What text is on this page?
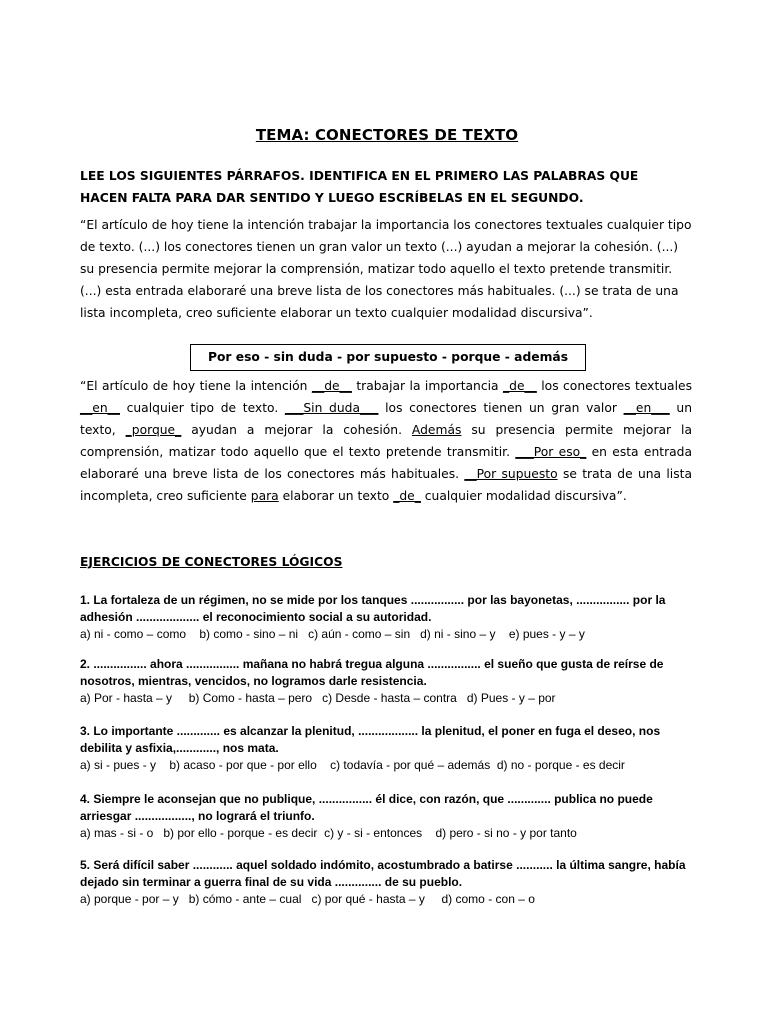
TEMA: CONECTORES DE TEXTO
LEE LOS SIGUIENTES PÁRRAFOS. IDENTIFICA EN EL PRIMERO LAS PALABRAS QUE HACEN FALTA PARA DAR SENTIDO Y LUEGO ESCRÍBELAS EN EL SEGUNDO.
“El artículo de hoy tiene la intención trabajar la importancia los conectores textuales cualquier tipo de texto. (...) los conectores tienen un gran valor un texto (...) ayudan a mejorar la cohesión. (...) su presencia permite mejorar la comprensión, matizar todo aquello el texto pretende transmitir. (...) esta entrada elaboraré una breve lista de los conectores más habituales. (...) se trata de una lista incompleta, creo suficiente elaborar un texto cualquier modalidad discursiva”.
Por eso - sin duda - por supuesto - porque - además
“El artículo de hoy tiene la intención __de__ trabajar la importancia _de__ los conectores textuales __en__ cualquier tipo de texto. ___Sin duda___ los conectores tienen un gran valor __en___ un texto, _porque_ ayudan a mejorar la cohesión. Además su presencia permite mejorar la comprensión, matizar todo aquello que el texto pretende transmitir. ___Por eso_ en esta entrada elaboraré una breve lista de los conectores más habituales. __Por supuesto se trata de una lista incompleta, creo suficiente para elaborar un texto _de_ cualquier modalidad discursiva”.
EJERCICIOS DE CONECTORES LÓGICOS
1. La fortaleza de un régimen, no se mide por los tanques ................ por las bayonetas, ................ por la adhesión ................... el reconocimiento social a su autoridad.
a) ni - como – como    b) como - sino – ni   c) aún - como – sin   d) ni - sino – y    e) pues - y – y
2. ................ ahora ................ mañana no habrá tregua alguna ................ el sueño que gusta de reírse de nosotros, mientras, vencidos, no logramos darle resistencia.
a) Por - hasta – y     b) Como - hasta – pero   c) Desde - hasta – contra   d) Pues - y – por
3. Lo importante ............. es alcanzar la plenitud, .................. la plenitud, el poner en fuga el deseo, nos debilita y asfixia,............, nos mata.
a) si - pues - y    b) acaso - por que - por ello    c) todavía - por qué – además  d) no - porque - es decir
4. Siempre le aconsejan que no publique, ................ él dice, con razón, que ............. publica no puede arriesgar ................., no logrará el triunfo.
a) mas - si - o   b) por ello - porque - es decir  c) y - si - entonces    d) pero - si no - y por tanto
5. Será difícil saber ............ aquel soldado indómito, acostumbrado a batirse ........... la última sangre, había dejado sin terminar a guerra final de su vida .............. de su pueblo.
a) porque - por – y   b) cómo - ante – cual   c) por qué - hasta – y     d) como - con – o
